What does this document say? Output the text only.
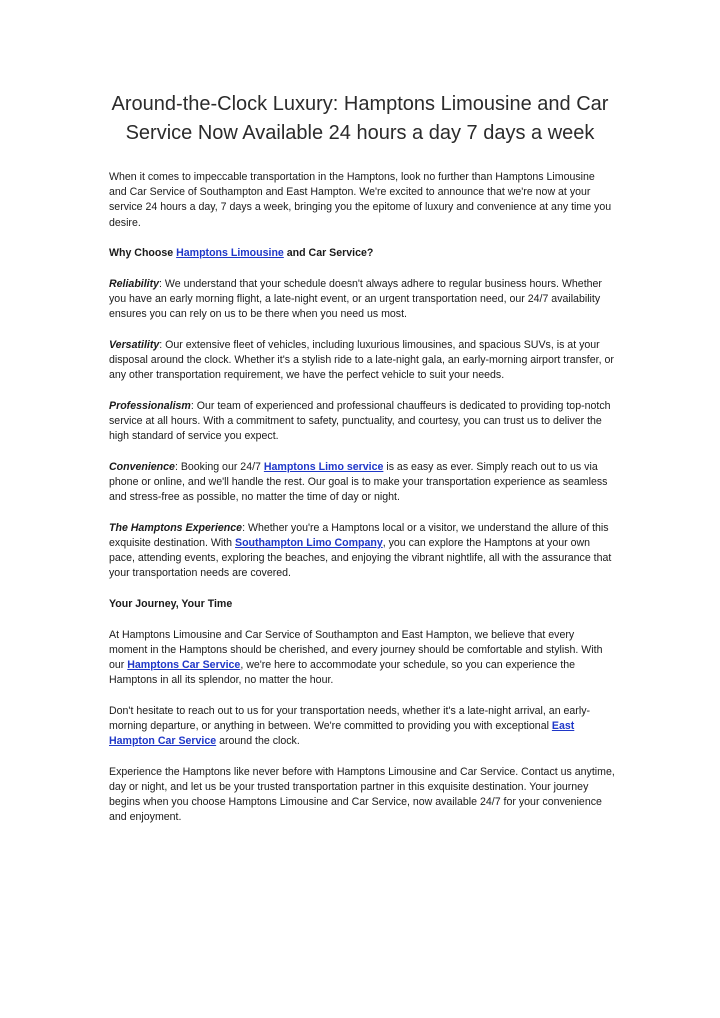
Around-the-Clock Luxury: Hamptons Limousine and Car Service Now Available 24 hours a day 7 days a week

When it comes to impeccable transportation in the Hamptons, look no further than Hamptons Limousine and Car Service of Southampton and East Hampton. We're excited to announce that we're now at your service 24 hours a day, 7 days a week, bringing you the epitome of luxury and convenience at any time you desire.

Why Choose Hamptons Limousine and Car Service?

Reliability: We understand that your schedule doesn't always adhere to regular business hours. Whether you have an early morning flight, a late-night event, or an urgent transportation need, our 24/7 availability ensures you can rely on us to be there when you need us most.

Versatility: Our extensive fleet of vehicles, including luxurious limousines, and spacious SUVs, is at your disposal around the clock. Whether it's a stylish ride to a late-night gala, an early-morning airport transfer, or any other transportation requirement, we have the perfect vehicle to suit your needs.

Professionalism: Our team of experienced and professional chauffeurs is dedicated to providing top-notch service at all hours. With a commitment to safety, punctuality, and courtesy, you can trust us to deliver the high standard of service you expect.

Convenience: Booking our 24/7 Hamptons Limo service is as easy as ever. Simply reach out to us via phone or online, and we'll handle the rest. Our goal is to make your transportation experience as seamless and stress-free as possible, no matter the time of day or night.

The Hamptons Experience: Whether you're a Hamptons local or a visitor, we understand the allure of this exquisite destination. With Southampton Limo Company, you can explore the Hamptons at your own pace, attending events, exploring the beaches, and enjoying the vibrant nightlife, all with the assurance that your transportation needs are covered.

Your Journey, Your Time

At Hamptons Limousine and Car Service of Southampton and East Hampton, we believe that every moment in the Hamptons should be cherished, and every journey should be comfortable and stylish. With our Hamptons Car Service, we're here to accommodate your schedule, so you can experience the Hamptons in all its splendor, no matter the hour.

Don't hesitate to reach out to us for your transportation needs, whether it's a late-night arrival, an early-morning departure, or anything in between. We're committed to providing you with exceptional East Hampton Car Service around the clock.

Experience the Hamptons like never before with Hamptons Limousine and Car Service. Contact us anytime, day or night, and let us be your trusted transportation partner in this exquisite destination. Your journey begins when you choose Hamptons Limousine and Car Service, now available 24/7 for your convenience and enjoyment.
